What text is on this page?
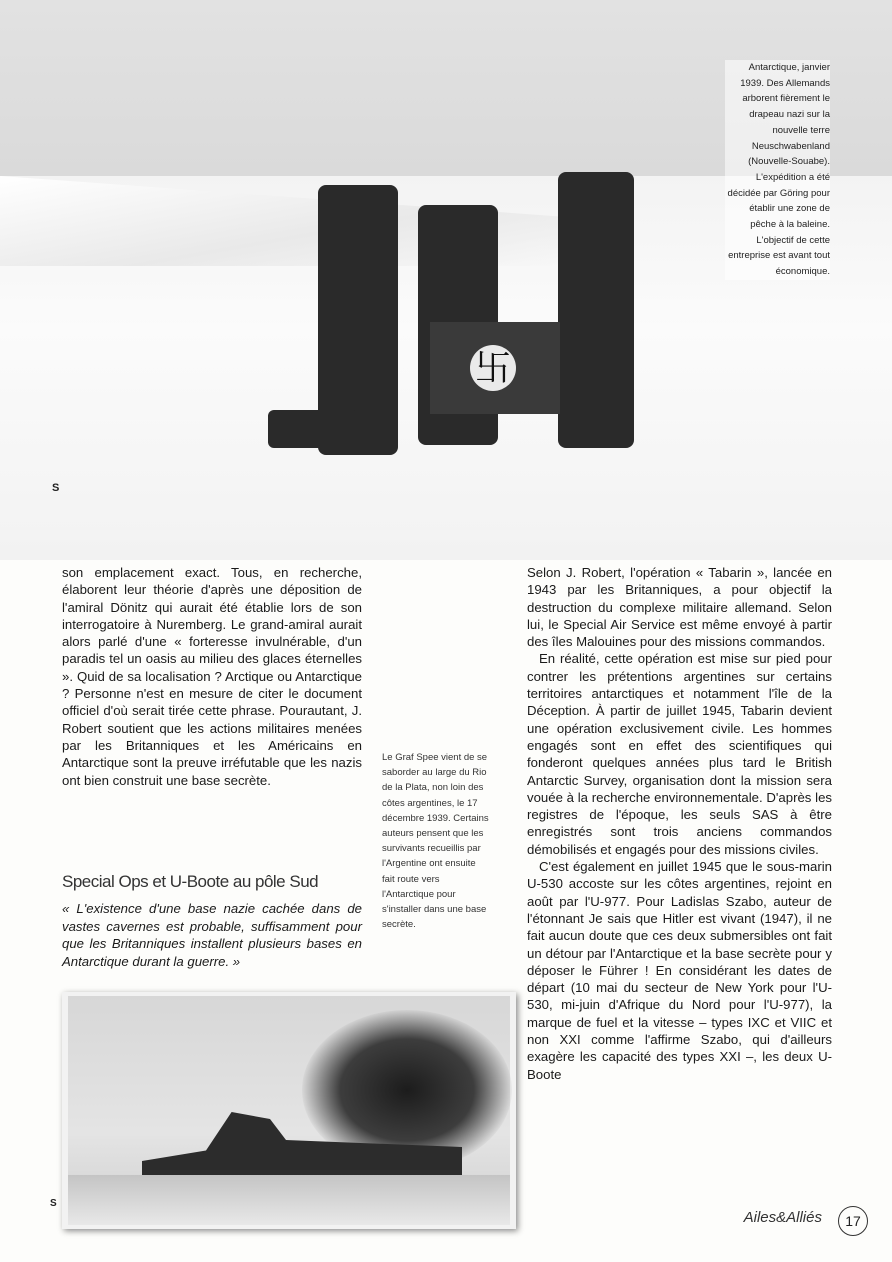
卐
S
Antarctique, janvier 1939. Des Allemands arborent fièrement le drapeau nazi sur la nouvelle terre Neuschwabenland (Nouvelle-Souabe). L'expédition a été décidée par Göring pour établir une zone de pêche à la baleine. L'objectif de cette entreprise est avant tout économique.

son emplacement exact. Tous, en recherche, élaborent leur théorie d'après une déposition de l'amiral Dönitz qui aurait été établie lors de son interrogatoire à Nuremberg. Le grand-amiral aurait alors parlé d'une « forteresse invulnérable, d'un paradis tel un oasis au milieu des glaces éternelles ». Quid de sa localisation ? Arctique ou Antarctique ? Personne n'est en mesure de citer le document officiel d'où serait tirée cette phrase. Pourautant, J. Robert soutient que les actions militaires menées par les Britanniques et les Américains en Antarctique sont la preuve irréfutable que les nazis ont bien construit une base secrète.

Special Ops et U-Boote au pôle Sud
« L'existence d'une base nazie cachée dans de vastes cavernes est probable, suffisamment pour que les Britanniques installent plusieurs bases en Antarctique durant la guerre. »
Le Graf Spee vient de se saborder au large du Rio de la Plata, non loin des côtes argentines, le 17 décembre 1939. Certains auteurs pensent que les survivants recueillis par l'Argentine ont ensuite fait route vers l'Antarctique pour s'installer dans une base secrète.
S

Selon J. Robert, l'opération « Tabarin », lancée en 1943 par les Britanniques, a pour objectif la destruction du complexe militaire allemand. Selon lui, le Special Air Service est même envoyé à partir des îles Malouines pour des missions commandos.

En réalité, cette opération est mise sur pied pour contrer les prétentions argentines sur certains territoires antarctiques et notamment l'île de la Déception. À partir de juillet 1945, Tabarin devient une opération exclusivement civile. Les hommes engagés sont en effet des scientifiques qui fonderont quelques années plus tard le British Antarctic Survey, organisation dont la mission sera vouée à la recherche environnementale. D'après les registres de l'époque, les seuls SAS à être enregistrés sont trois anciens commandos démobilisés et engagés pour des missions civiles.

C'est également en juillet 1945 que le sous-marin U-530 accoste sur les côtes argentines, rejoint en août par l'U-977. Pour Ladislas Szabo, auteur de l'étonnant Je sais que Hitler est vivant (1947), il ne fait aucun doute que ces deux submersibles ont fait un détour par l'Antarctique et la base secrète pour y déposer le Führer ! En considérant les dates de départ (10 mai du secteur de New York pour l'U-530, mi-juin d'Afrique du Nord pour l'U-977), la marque de fuel et la vitesse – types IXC et VIIC et non XXI comme l'affirme Szabo, qui d'ailleurs exagère les capacité des types XXI –, les deux U-Boote

Ailes&Alliés	17
